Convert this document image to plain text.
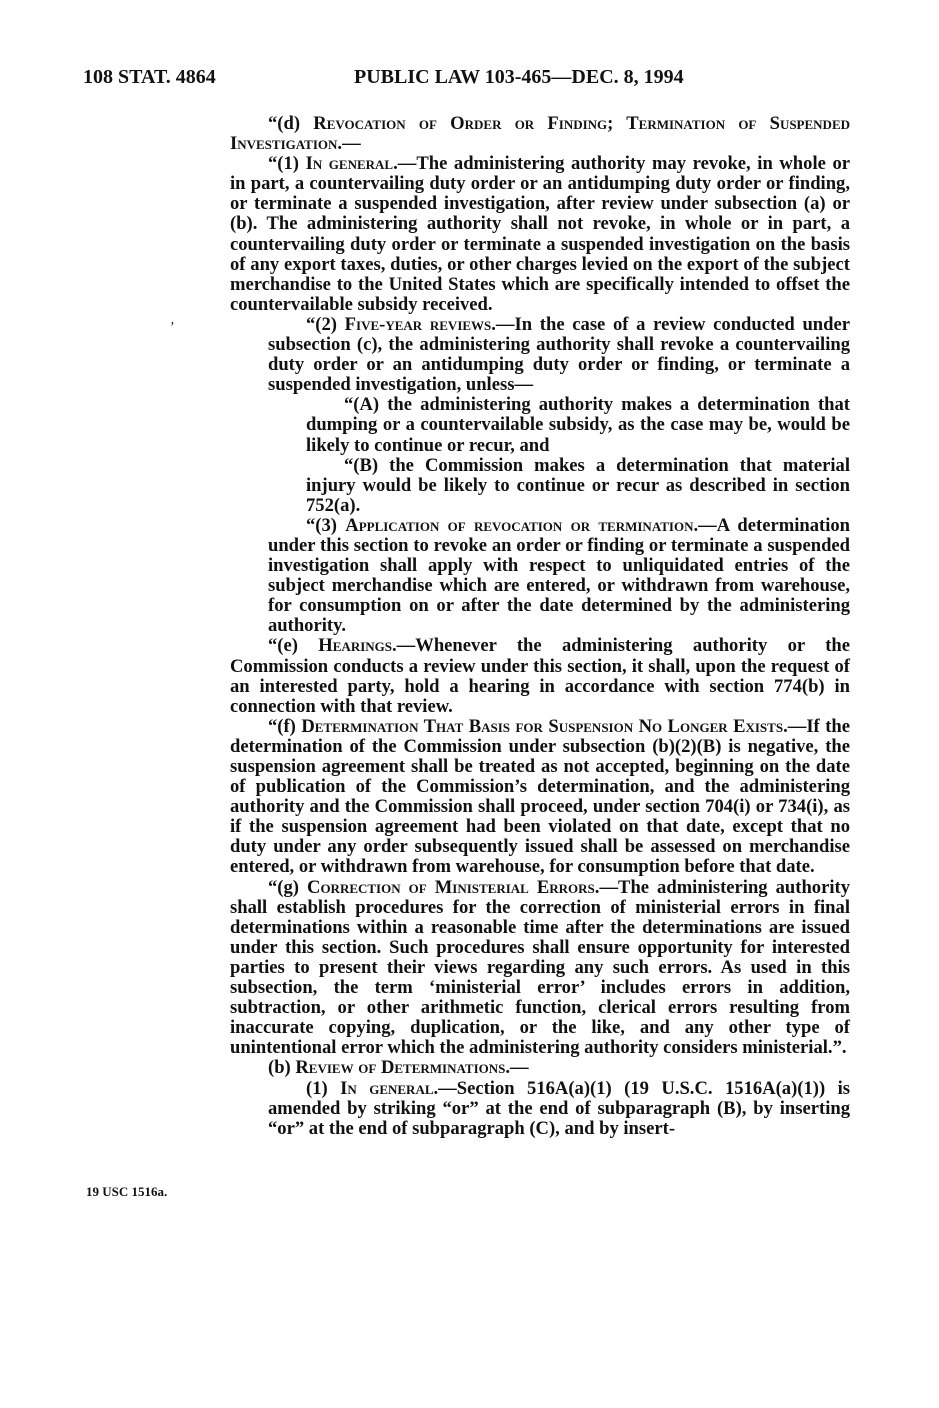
108 STAT. 4864	PUBLIC LAW 103-465—DEC. 8, 1994
’

“(d) Revocation of Order or Finding; Termination of Suspended Investigation.—

“(1) In general.—The administering authority may revoke, in whole or in part, a countervailing duty order or an antidumping duty order or finding, or terminate a suspended investigation, after review under subsection (a) or (b). The administering authority shall not revoke, in whole or in part, a countervailing duty order or terminate a suspended investigation on the basis of any export taxes, duties, or other charges levied on the export of the subject merchandise to the United States which are specifically intended to offset the countervailable subsidy received.

“(2) Five-year reviews.—In the case of a review conducted under subsection (c), the administering authority shall revoke a countervailing duty order or an antidumping duty order or finding, or terminate a suspended investigation, unless—

“(A) the administering authority makes a determination that dumping or a countervailable subsidy, as the case may be, would be likely to continue or recur, and

“(B) the Commission makes a determination that material injury would be likely to continue or recur as described in section 752(a).

“(3) Application of revocation or termination.—A determination under this section to revoke an order or finding or terminate a suspended investigation shall apply with respect to unliquidated entries of the subject merchandise which are entered, or withdrawn from warehouse, for consumption on or after the date determined by the administering authority.

“(e) Hearings.—Whenever the administering authority or the Commission conducts a review under this section, it shall, upon the request of an interested party, hold a hearing in accordance with section 774(b) in connection with that review.

“(f) Determination That Basis for Suspension No Longer Exists.—If the determination of the Commission under subsection (b)(2)(B) is negative, the suspension agreement shall be treated as not accepted, beginning on the date of publication of the Commission’s determination, and the administering authority and the Commission shall proceed, under section 704(i) or 734(i), as if the suspension agreement had been violated on that date, except that no duty under any order subsequently issued shall be assessed on merchandise entered, or withdrawn from warehouse, for consumption before that date.

“(g) Correction of Ministerial Errors.—The administering authority shall establish procedures for the correction of ministerial errors in final determinations within a reasonable time after the determinations are issued under this section. Such procedures shall ensure opportunity for interested parties to present their views regarding any such errors. As used in this subsection, the term ‘ministerial error’ includes errors in addition, subtraction, or other arithmetic function, clerical errors resulting from inaccurate copying, duplication, or the like, and any other type of unintentional error which the administering authority considers ministerial.”.

(b) Review of Determinations.—

(1) In general.—Section 516A(a)(1) (19 U.S.C. 1516A(a)(1)) is amended by striking “or” at the end of subparagraph (B), by inserting “or” at the end of subparagraph (C), and by insert-

19 USC 1516a.
